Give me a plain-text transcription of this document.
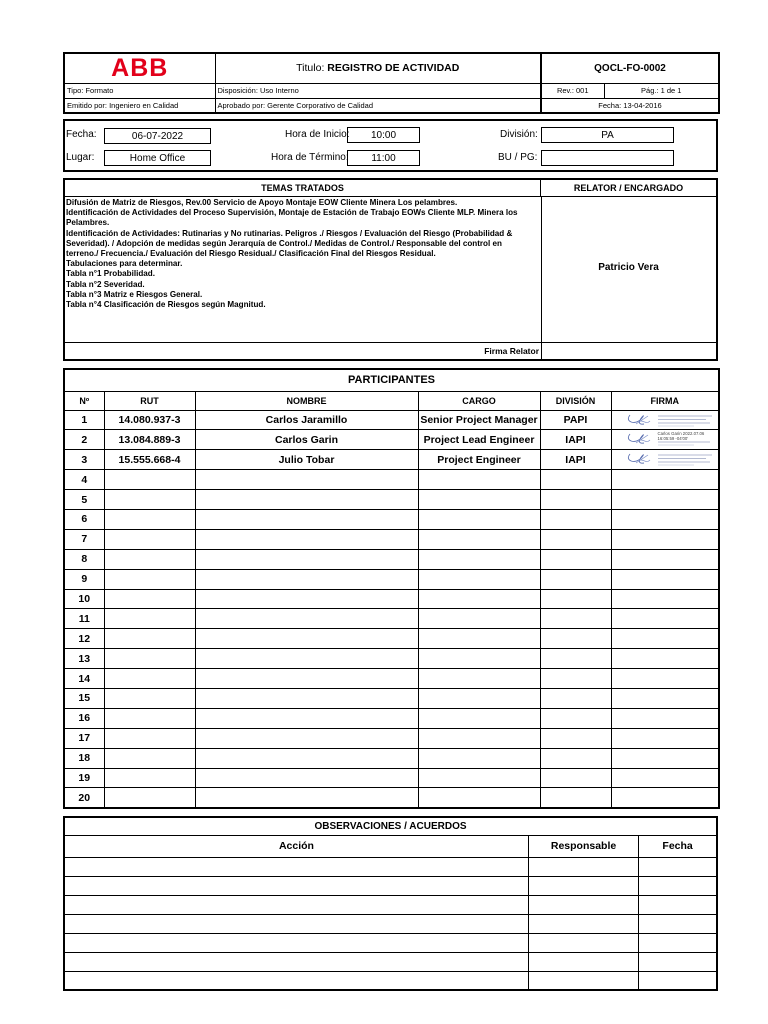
ABB	Titulo: REGISTRO DE ACTIVIDAD	QOCL-FO-0002	
Tipo: Formato	Disposición: Uso Interno	Rev.: 001	Pág.: 1 de 1
Emitido por: Ingeniero en Calidad	Aprobado por: Gerente Corporativo de Calidad	Fecha: 13-04-2016	
Fecha:	06-07-2022
Lugar:	Home Office
Hora de Inicio:	10:00
Hora de Término:	11:00
División:	PA
BU / PG:
TEMAS TRATADOS	RELATOR / ENCARGADO
Difusión de Matriz de Riesgos, Rev.00 Servicio de Apoyo Montaje EOW Cliente Minera Los pelambres.
Identificación de Actividades del Proceso Supervisión, Montaje de Estación de Trabajo EOWs Cliente MLP. Minera los
Pelambres.
Identificación de Actividades: Rutinarias y No rutinarias. Peligros ./ Riesgos / Evaluación del Riesgo (Probabilidad &
Severidad). / Adopción de medidas según Jerarquía de Control./ Medidas de Control./ Responsable del control en
terreno./ Frecuencia./ Evaluación del Riesgo Residual./ Clasificación Final del Riesgos Residual.
Tabulaciones para determinar.
Tabla n°1 Probabilidad.
Tabla n°2 Severidad.
Tabla n°3 Matriz e Riesgos General.
Tabla n°4 Clasificación de Riesgos según Magnitud.
Patricio Vera
Firma Relator
PARTICIPANTES					
Nº	RUT	NOMBRE	CARGO	DIVISIÓN	FIRMA
1	14.080.937-3	Carlos Jaramillo	Senior Project Manager	PAPI	

2	13.084.889-3	Carlos Garin	Project Lead Engineer	IAPI	Carlos Garin 2022.07.06 16:05:59 -04'00'

3	15.555.668-4	Julio Tobar	Project Engineer	IAPI	

4					
5					
6					
7					
8					
9					
10					
11					
12					
13					
14					
15					
16					
17					
18					
19					
20					
OBSERVACIONES / ACUERDOS		
Acción	Responsable	Fecha
